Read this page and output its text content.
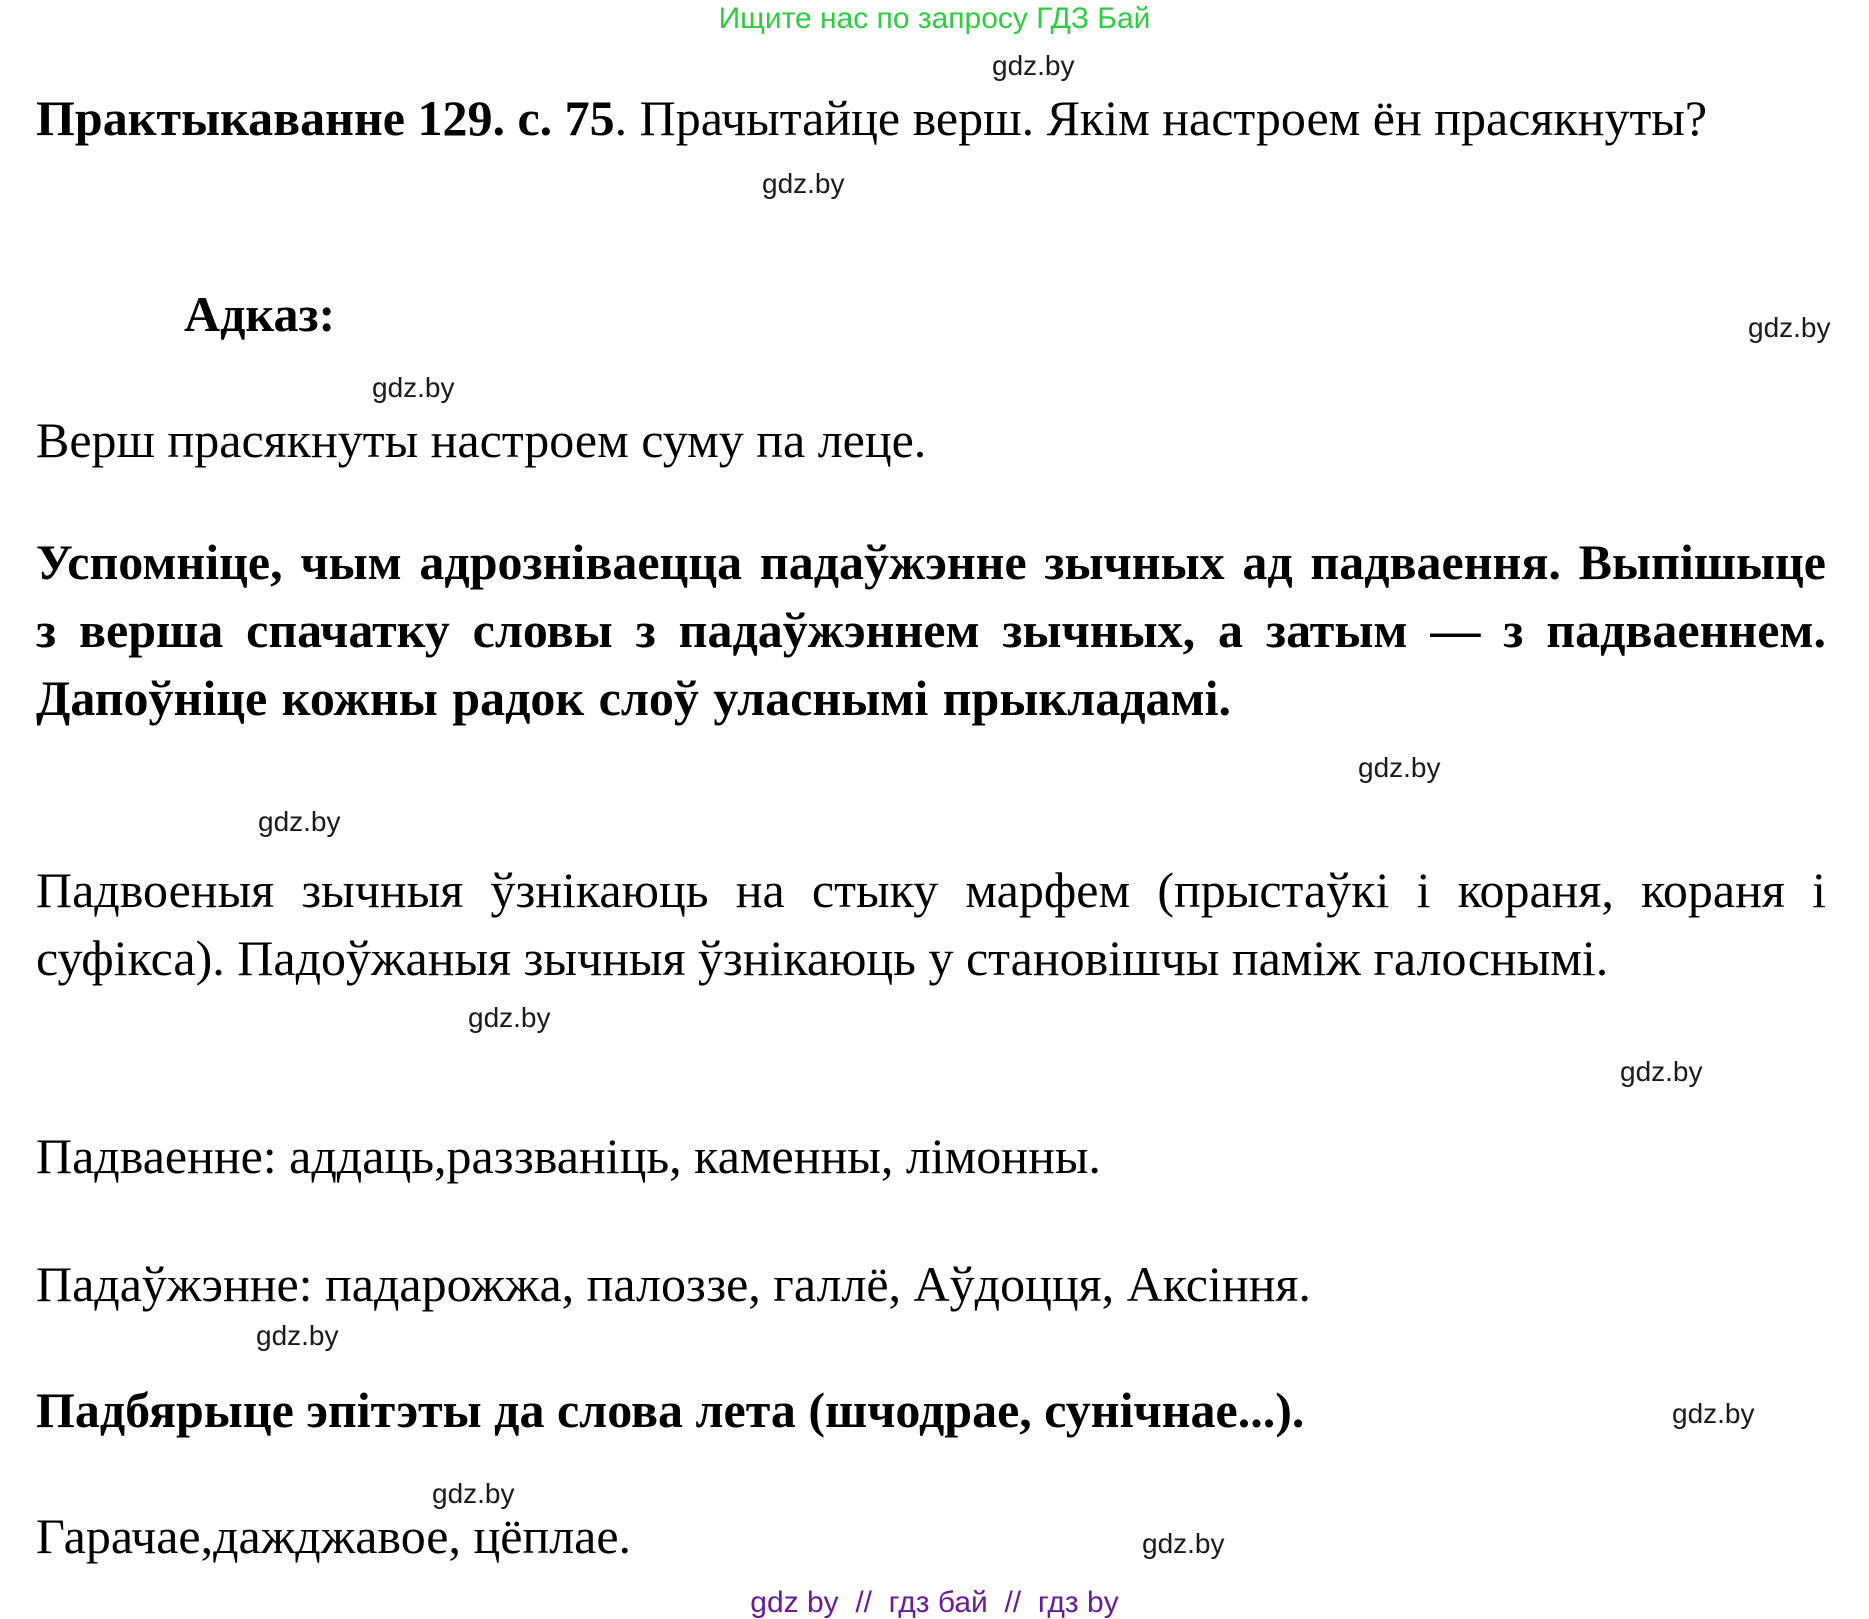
Ищите нас по запросу ГДЗ Бай
gdz.by
gdz.by
gdz.by
gdz.by
gdz.by
gdz.by
gdz.by
gdz.by
gdz.by
gdz.by
gdz.by
gdz.by
Практыкаванне 129. с. 75. Прачытайце верш. Якім настроем ён прасякнуты?
Адказ:
Верш прасякнуты настроем суму па леце.
Успомніце, чым адрозніваецца падаўжэнне зычных ад падваення. Выпішыце з верша спачатку словы з падаўжэннем зычных, а затым — з падваеннем. Дапоўніце кожны радок слоў уласнымі прыкладамі.
Падвоеныя зычныя ўзнікаюць на стыку марфем (прыстаўкі і кораня, кораня і суфікса). Падоўжаныя зычныя ўзнікаюць у становішчы паміж галоснымі.
Падваенне: аддаць,раззваніць, каменны, лімонны.
Падаўжэнне: падарожжа, палоззе, галлё, Аўдоцця, Аксіння.
Падбярыце эпітэты да слова лета (шчодрае, сунічнае...).
Гарачае,дажджавое, цёплае.
gdz by  //  гдз бай  //  гдз by
